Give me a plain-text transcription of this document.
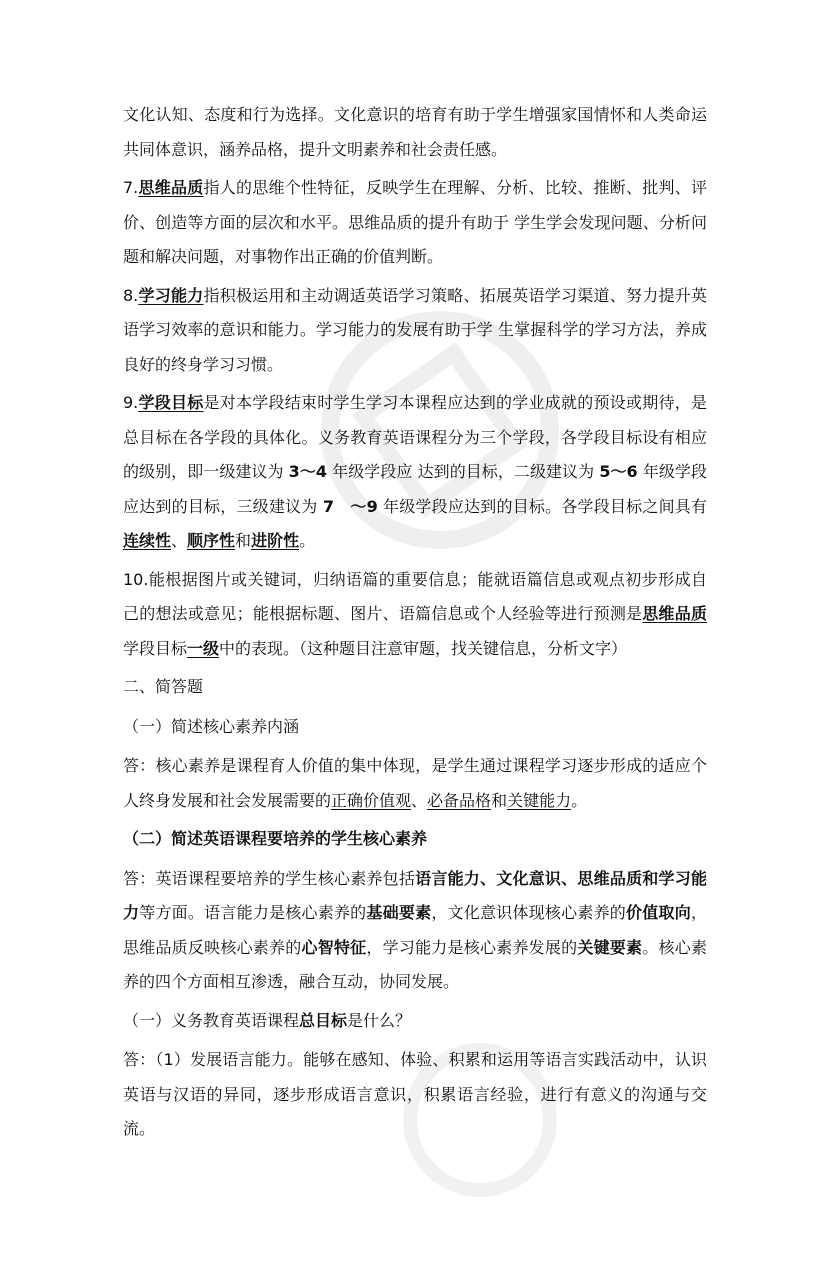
文化认知、态度和行为选择。文化意识的培育有助于学生增强家国情怀和人类命运共同体意识，涵养品格，提升文明素养和社会责任感。

7.思维品质指人的思维个性特征，反映学生在理解、分析、比较、推断、批判、评价、创造等方面的层次和水平。思维品质的提升有助于 学生学会发现问题、分析问题和解决问题，对事物作出正确的价值判断。

8.学习能力指积极运用和主动调适英语学习策略、拓展英语学习渠道、努力提升英语学习效率的意识和能力。学习能力的发展有助于学 生掌握科学的学习方法，养成良好的终身学习习惯。

9.学段目标是对本学段结束时学生学习本课程应达到的学业成就的预设或期待，是总目标在各学段的具体化。义务教育英语课程分为三个学段，各学段目标设有相应的级别，即一级建议为 3～4 年级学段应 达到的目标，二级建议为 5～6 年级学段应达到的目标，三级建议为 7　～9 年级学段应达到的目标。各学段目标之间具有连续性、顺序性和进阶性。

10.能根据图片或关键词，归纳语篇的重要信息；能就语篇信息或观点初步形成自己的想法或意见；能根据标题、图片、语篇信息或个人经验等进行预测是思维品质学段目标一级中的表现。（这种题目注意审题，找关键信息，分析文字）

二、简答题

（一）简述核心素养内涵

答：核心素养是课程育人价值的集中体现，是学生通过课程学习逐步形成的适应个人终身发展和社会发展需要的正确价值观、必备品格和关键能力。

（二）简述英语课程要培养的学生核心素养

答：英语课程要培养的学生核心素养包括语言能力、文化意识、思维品质和学习能力等方面。语言能力是核心素养的基础要素，文化意识体现核心素养的价值取向，思维品质反映核心素养的心智特征，学习能力是核心素养发展的关键要素。核心素养的四个方面相互渗透，融合互动，协同发展。

（一）义务教育英语课程总目标是什么？

答：（1）发展语言能力。能够在感知、体验、积累和运用等语言实践活动中，认识英语与汉语的异同，逐步形成语言意识，积累语言经验，进行有意义的沟通与交流。
